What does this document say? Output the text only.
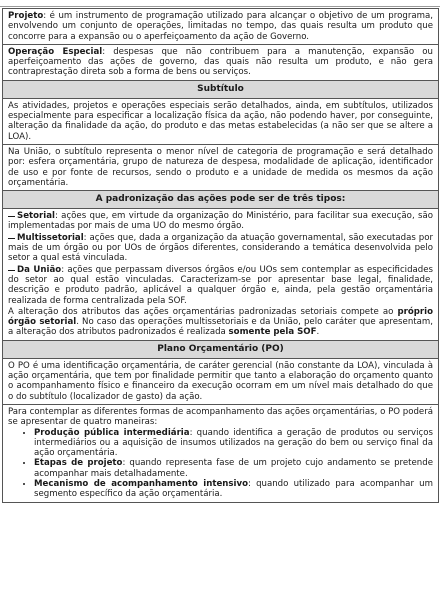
Projeto: é um instrumento de programação utilizado para alcançar o objetivo de um programa, envolvendo um conjunto de operações, limitadas no tempo, das quais resulta um produto que concorre para a expansão ou o aperfeiçoamento da ação de Governo.

Operação Especial: despesas que não contribuem para a manutenção, expansão ou aperfeiçoamento das ações de governo, das quais não resulta um produto, e não gera contraprestação direta sob a forma de bens ou serviços.

Subtítulo

As atividades, projetos e operações especiais serão detalhados, ainda, em subtítulos, utilizados especialmente para especificar a localização física da ação, não podendo haver, por conseguinte, alteração da finalidade da ação, do produto e das metas estabelecidas (a não ser que se altere a LOA).

Na União, o subtítulo representa o menor nível de categoria de programação e será detalhado por: esfera orçamentária, grupo de natureza de despesa, modalidade de aplicação, identificador de uso e por fonte de recursos, sendo o produto e a unidade de medida os mesmos da ação orçamentária.

A padronização das ações pode ser de três tipos:

Setorial: ações que, em virtude da organização do Ministério, para facilitar sua execução, são implementadas por mais de uma UO do mesmo órgão.

Multissetorial: ações que, dada a organização da atuação governamental, são executadas por mais de um órgão ou por UOs de órgãos diferentes, considerando a temática desenvolvida pelo setor a qual está vinculada.

Da União: ações que perpassam diversos órgãos e/ou UOs sem contemplar as especificidades do setor ao qual estão vinculadas. Caracterizam-se por apresentar base legal, finalidade, descrição e produto padrão, aplicável a qualquer órgão e, ainda, pela gestão orçamentária realizada de forma centralizada pela SOF.

A alteração dos atributos das ações orçamentárias padronizadas setoriais compete ao próprio órgão setorial. No caso das operações multissetoriais e da União, pelo caráter que apresentam, a alteração dos atributos padronizados é realizada somente pela SOF.

Plano Orçamentário (PO)

O PO é uma identificação orçamentária, de caráter gerencial (não constante da LOA), vinculada à ação orçamentária, que tem por finalidade permitir que tanto a elaboração do orçamento quanto o acompanhamento físico e financeiro da execução ocorram em um nível mais detalhado do que o do subtítulo (localizador de gasto) da ação.

Para contemplar as diferentes formas de acompanhamento das ações orçamentárias, o PO poderá se apresentar de quatro maneiras:

• Produção pública intermediária: quando identifica a geração de produtos ou serviços intermediários ou a aquisição de insumos utilizados na geração do bem ou serviço final da ação orçamentária.
• Etapas de projeto: quando representa fase de um projeto cujo andamento se pretende acompanhar mais detalhadamente.
• Mecanismo de acompanhamento intensivo: quando utilizado para acompanhar um segmento específico da ação orçamentária.
